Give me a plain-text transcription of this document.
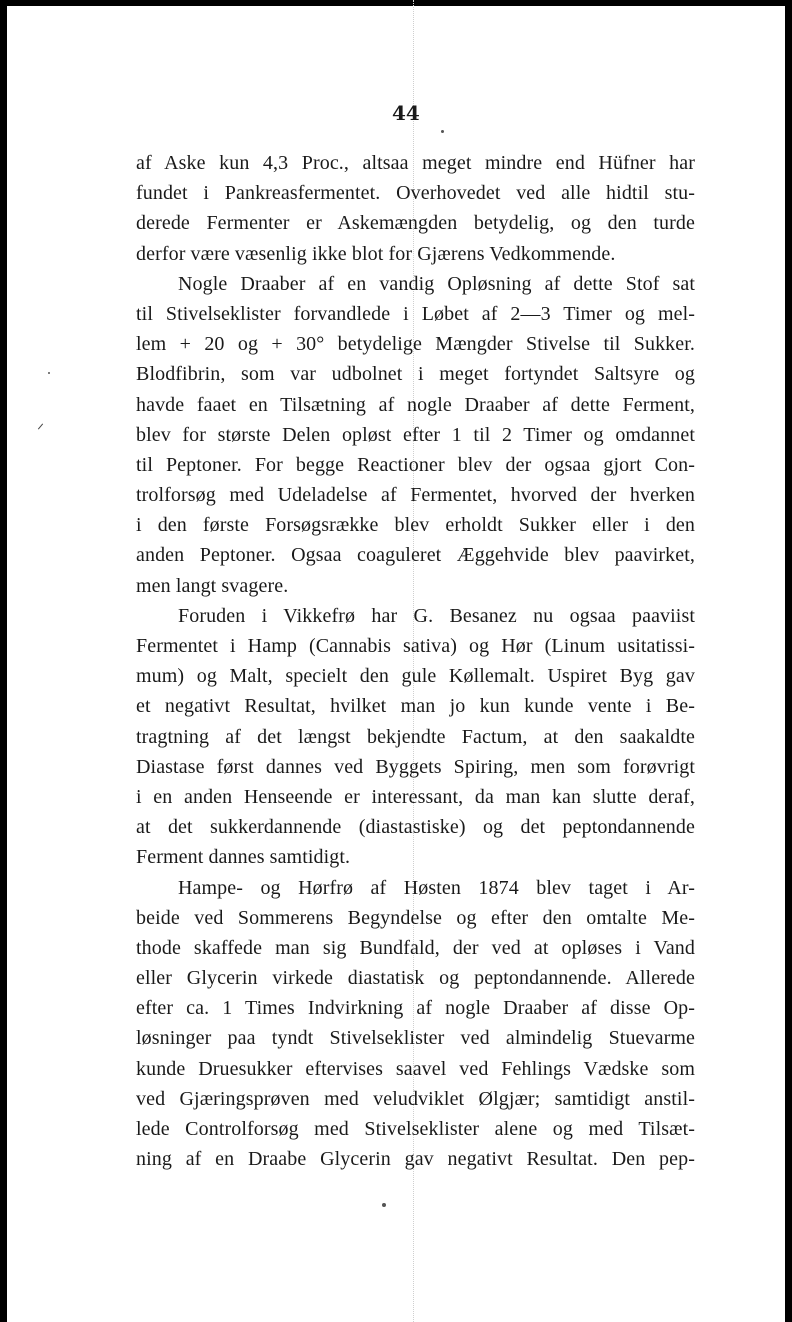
44
af Aske kun 4,3 Proc., altsaa meget mindre end Hüfner har
fundet i Pankreasfermentet. Overhovedet ved alle hidtil stu-
derede Fermenter er Askemængden betydelig, og den turde
derfor være væsenlig ikke blot for Gjærens Vedkommende.
Nogle Draaber af en vandig Opløsning af dette Stof sat
til Stivelseklister forvandlede i Løbet af 2—3 Timer og mel-
lem + 20 og + 30° betydelige Mængder Stivelse til Sukker.
Blodfibrin, som var udbolnet i meget fortyndet Saltsyre og
havde faaet en Tilsætning af nogle Draaber af dette Ferment,
blev for største Delen opløst efter 1 til 2 Timer og omdannet
til Peptoner. For begge Reactioner blev der ogsaa gjort Con-
trolforsøg med Udeladelse af Fermentet, hvorved der hverken
i den første Forsøgsrække blev erholdt Sukker eller i den
anden Peptoner. Ogsaa coaguleret Æggehvide blev paavirket,
men langt svagere.
Foruden i Vikkefrø har G. Besanez nu ogsaa paaviist
Fermentet i Hamp (Cannabis sativa) og Hør (Linum usitatissi-
mum) og Malt, specielt den gule Køllemalt. Uspiret Byg gav
et negativt Resultat, hvilket man jo kun kunde vente i Be-
tragtning af det længst bekjendte Factum, at den saakaldte
Diastase først dannes ved Byggets Spiring, men som forøvrigt
i en anden Henseende er interessant, da man kan slutte deraf,
at det sukkerdannende (diastastiske) og det peptondannende
Ferment dannes samtidigt.
Hampe- og Hørfrø af Høsten 1874 blev taget i Ar-
beide ved Sommerens Begyndelse og efter den omtalte Me-
thode skaffede man sig Bundfald, der ved at opløses i Vand
eller Glycerin virkede diastatisk og peptondannende. Allerede
efter ca. 1 Times Indvirkning af nogle Draaber af disse Op-
løsninger paa tyndt Stivelseklister ved almindelig Stuevarme
kunde Druesukker eftervises saavel ved Fehlings Vædske som
ved Gjæringsprøven med veludviklet Ølgjær; samtidigt anstil-
lede Controlforsøg med Stivelseklister alene og med Tilsæt-
ning af en Draabe Glycerin gav negativt Resultat. Den pep-
